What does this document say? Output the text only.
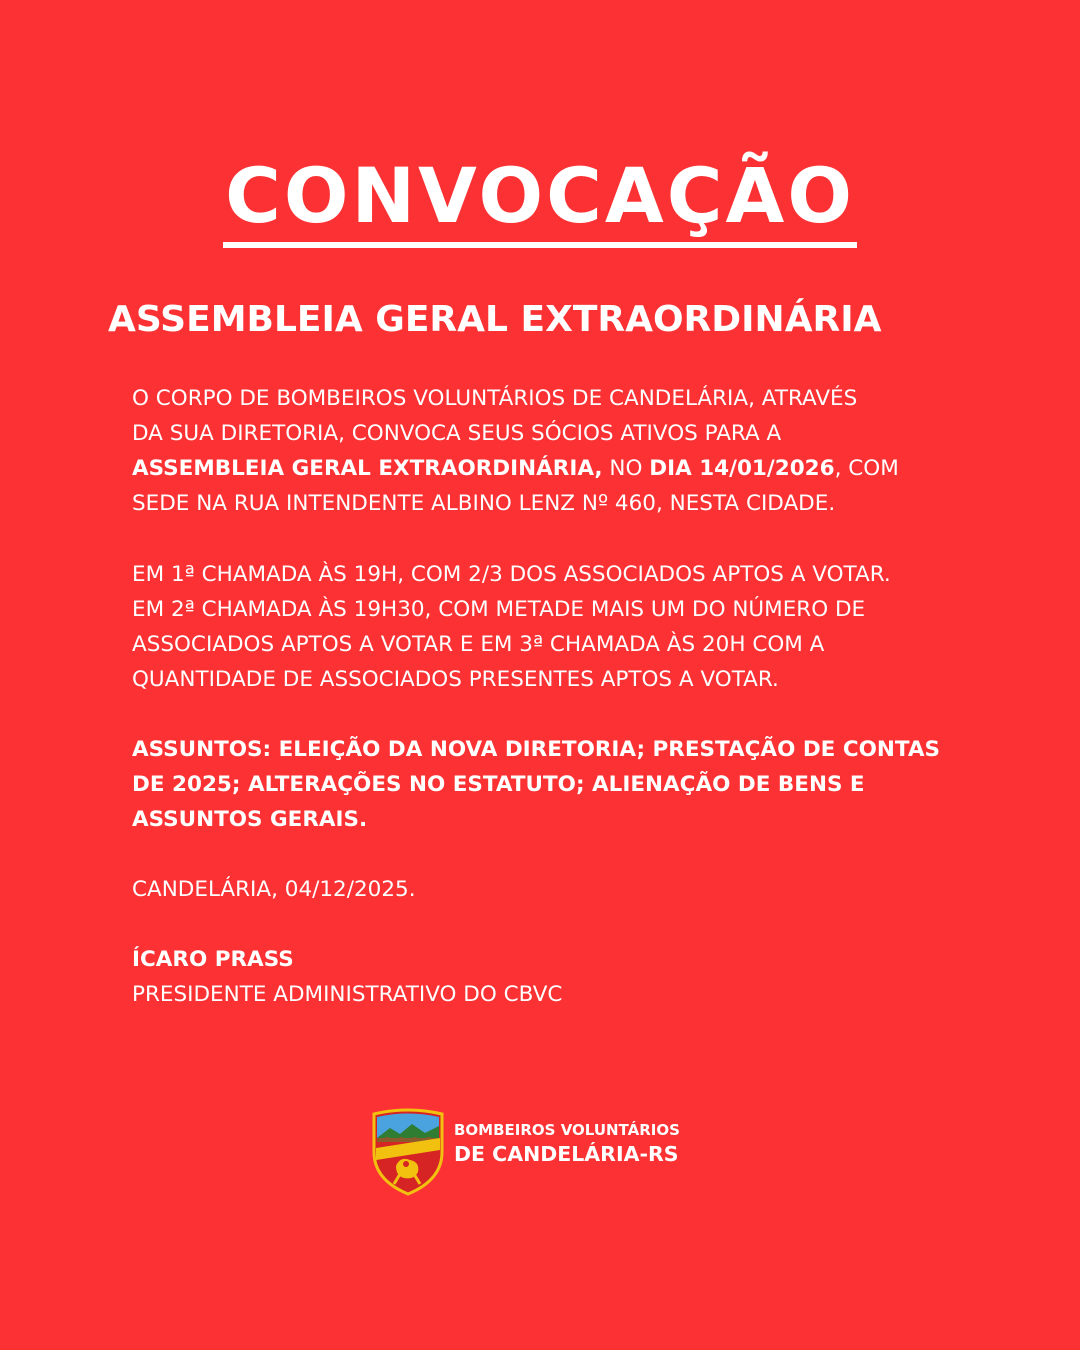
CONVOCAÇÃO
ASSEMBLEIA GERAL EXTRAORDINÁRIA
O CORPO DE BOMBEIROS VOLUNTÁRIOS DE CANDELÁRIA, ATRAVÉS
DA SUA DIRETORIA, CONVOCA SEUS SÓCIOS ATIVOS PARA A
ASSEMBLEIA GERAL EXTRAORDINÁRIA, NO DIA 14/01/2026, COM
SEDE NA RUA INTENDENTE ALBINO LENZ Nº 460, NESTA CIDADE.
EM 1ª CHAMADA ÀS 19H, COM 2/3 DOS ASSOCIADOS APTOS A VOTAR.
EM 2ª CHAMADA ÀS 19H30, COM METADE MAIS UM DO NÚMERO DE
ASSOCIADOS APTOS A VOTAR E EM 3ª CHAMADA ÀS 20H COM A
QUANTIDADE DE ASSOCIADOS PRESENTES APTOS A VOTAR.
ASSUNTOS: ELEIÇÃO DA NOVA DIRETORIA; PRESTAÇÃO DE CONTAS
DE 2025; ALTERAÇÕES NO ESTATUTO; ALIENAÇÃO DE BENS E
ASSUNTOS GERAIS.
CANDELÁRIA, 04/12/2025.
ÍCARO PRASS
PRESIDENTE ADMINISTRATIVO DO CBVC
BOMBEIROS VOLUNTÁRIOS
DE CANDELÁRIA-RS
